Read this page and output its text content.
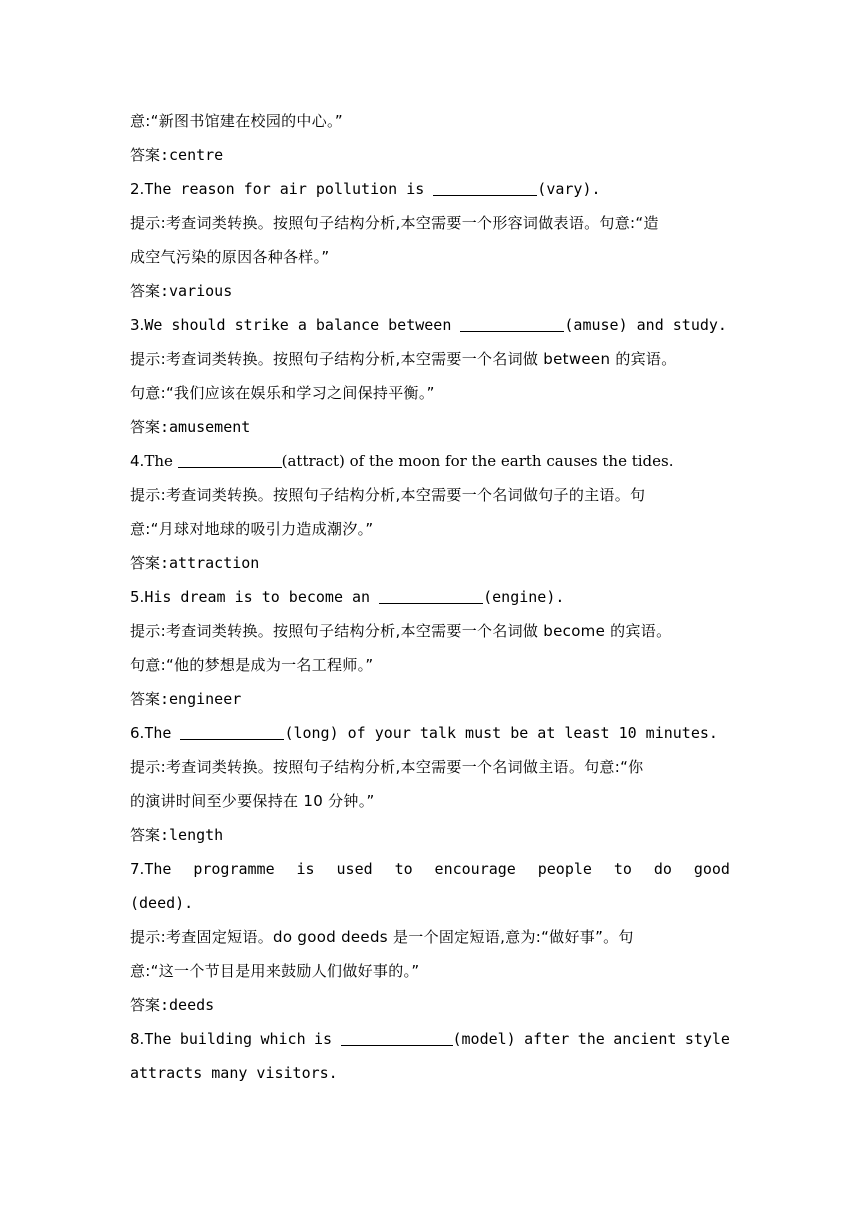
意:“新图书馆建在校园的中心。”
答案:centre
2.The reason for air pollution is	(vary).
提示:考查词类转换。按照句子结构分析,本空需要一个形容词做表语。句意:“造
成空气污染的原因各种各样。”
答案:various
3.We should strike a balance between	(amuse) and study.
提示:考查词类转换。按照句子结构分析,本空需要一个名词做 between 的宾语。
句意:“我们应该在娱乐和学习之间保持平衡。”
答案:amusement
4.The	(attract) of the moon for the earth causes the tides.
提示:考查词类转换。按照句子结构分析,本空需要一个名词做句子的主语。句
意:“月球对地球的吸引力造成潮汐。”
答案:attraction
5.His dream is to become an	(engine).
提示:考查词类转换。按照句子结构分析,本空需要一个名词做 become 的宾语。
句意:“他的梦想是成为一名工程师。”
答案:engineer
6.The	(long) of your talk must be at least 10 minutes.
提示:考查词类转换。按照句子结构分析,本空需要一个名词做主语。句意:“你
的演讲时间至少要保持在 10 分钟。”
答案:length
7.The programme is used to encourage people to do good
(deed).
提示:考查固定短语。do good deeds 是一个固定短语,意为:“做好事”。句
意:“这一个节目是用来鼓励人们做好事的。”
答案:deeds
8.The building which is	(model) after the ancient style
attracts many visitors.
